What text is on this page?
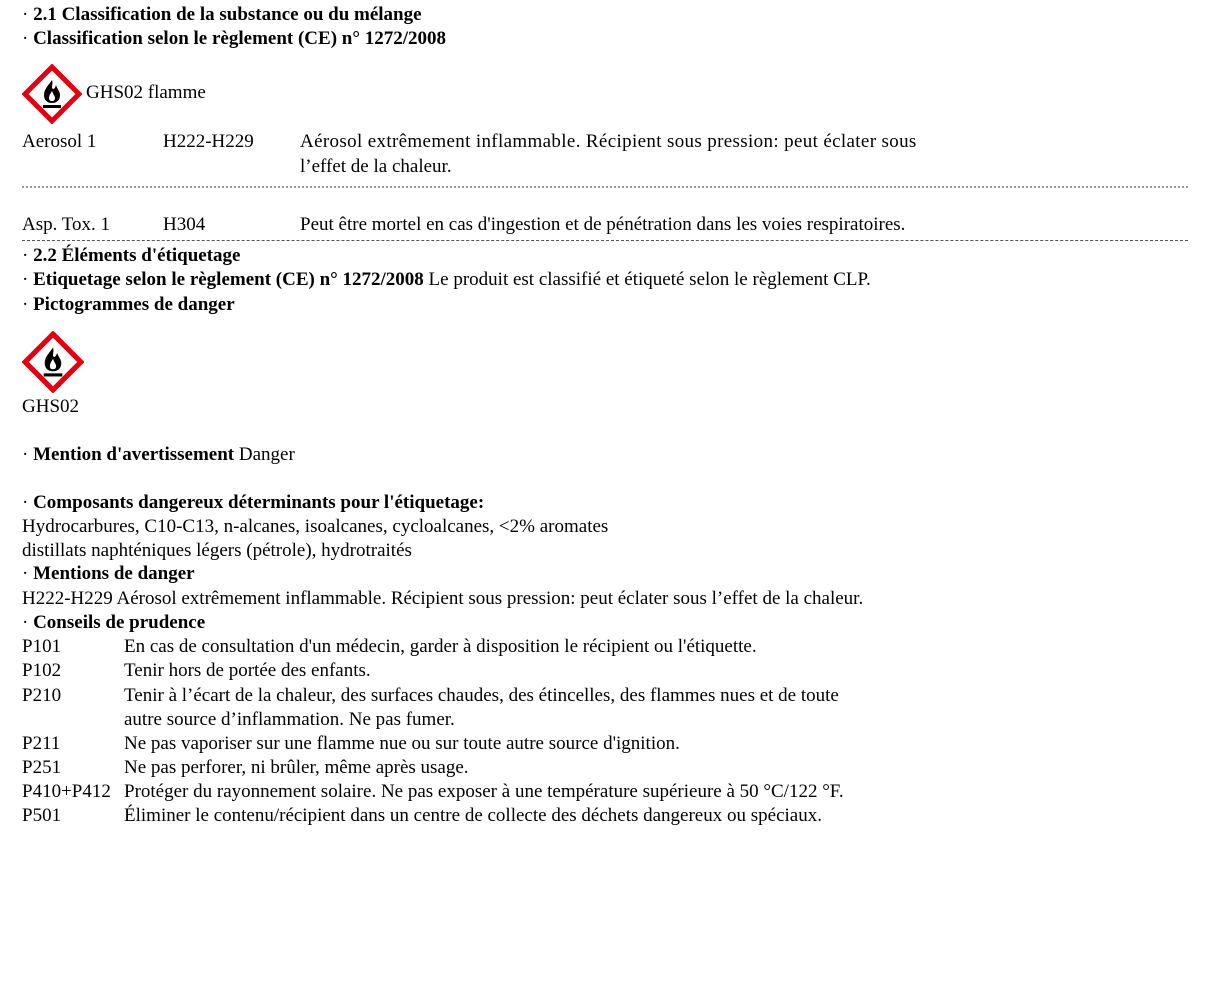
· 2.1 Classification de la substance ou du mélange
· Classification selon le règlement (CE) n° 1272/2008
GHS02 flamme
Aerosol 1	H222-H229 Aérosol extrêmement inflammable. Récipient sous pression: peut éclater sous
l’effet de la chaleur.
Asp. Tox. 1	H304	Peut être mortel en cas d'ingestion et de pénétration dans les voies respiratoires.
· 2.2 Éléments d'étiquetage
· Etiquetage selon le règlement (CE) n° 1272/2008 Le produit est classifié et étiqueté selon le règlement CLP.
· Pictogrammes de danger
GHS02
· Mention d'avertissement Danger
· Composants dangereux déterminants pour l'étiquetage:
Hydrocarbures, C10-C13, n-alcanes, isoalcanes, cycloalcanes, <2% aromates
distillats naphténiques légers (pétrole), hydrotraités
· Mentions de danger
H222-H229 Aérosol extrêmement inflammable. Récipient sous pression: peut éclater sous l’effet de la chaleur.
· Conseils de prudence
P101	En cas de consultation d'un médecin, garder à disposition le récipient ou l'étiquette.
P102	Tenir hors de portée des enfants.
P210	Tenir à l’écart de la chaleur, des surfaces chaudes, des étincelles, des flammes nues et de toute
autre source d’inflammation. Ne pas fumer.
P211	Ne pas vaporiser sur une flamme nue ou sur toute autre source d'ignition.
P251	Ne pas perforer, ni brûler, même après usage.
P410+P412 Protéger du rayonnement solaire. Ne pas exposer à une température supérieure à 50 °C/122 °F.
P501	Éliminer le contenu/récipient dans un centre de collecte des déchets dangereux ou spéciaux.
